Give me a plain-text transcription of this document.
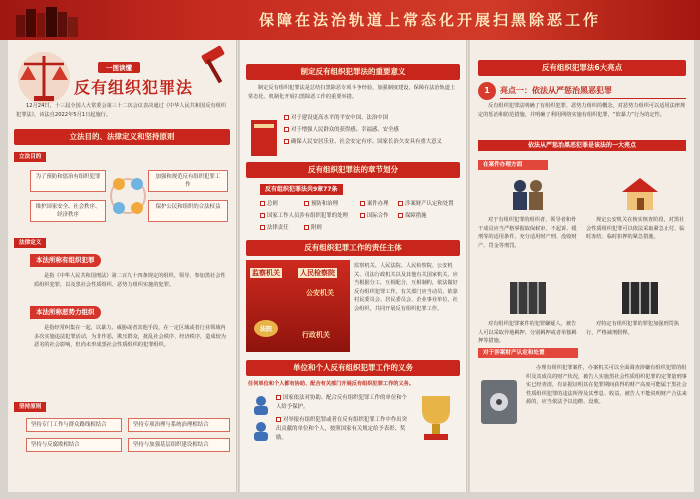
保障在法治轨道上常态化开展扫黑除恶工作
一图读懂
反有组织犯罪法
12月24日，十三届全国人大常委会第三十二次会议表决通过《中华人民共和国反有组织犯罪法》，该法自2022年5月1日起施行。
立法目的、法律定义和坚持原则
立法目的
为了预防和惩治有组织犯罪
维护国家安全、社会秩序、经济秩序
加强和规范反有组织犯罪工作
保护公民和组织的合法权益
法律定义
本法所称有组织犯罪
是指《中华人民共和国刑法》第二百九十四条规定的组织、领导、参加黑社会性质组织犯罪，以及黑社会性质组织、恶势力组织实施的犯罪。
本法所称恶势力组织
是指经常纠集在一起，以暴力、威胁或者其他手段，在一定区域或者行业领域内多次实施违法犯罪活动，为非作恶，欺压群众，扰乱社会秩序、经济秩序，造成较为恶劣的社会影响，但尚未形成黑社会性质组织的犯罪组织。
坚持原则
坚持专门工作与群众路线相结合	坚持专项治理与系统治理相结合
坚持与反腐败相结合	坚持与加强基层组织建设相结合
制定反有组织犯罪法的重要意义
制定反有组织犯罪法是总结扫黑除恶专项斗争经验，加强制度建设，保障在法治轨道上常态化、机制化开展扫黑除恶工作的重要举措。
对于建设更高水平的平安中国、法治中国
对于增强人民群众的获得感、幸福感、安全感
确保人民安居乐业、社会安定有序、国家长治久安具有重大意义
反有组织犯罪法的章节划分
反有组织犯罪法共9章77条
总则	预防和治理	案件办理	涉案财产认定和处置
国家工作人员涉有组织犯罪的处理	国际合作	保障措施
法律责任	附则
反有组织犯罪工作的责任主体
监察机关	人民检察院
公安机关
法院
行政机关
监察机关、人民法院、人民检察院、公安机关、司法行政机关以及其他有关国家机关，应当根据分工，互相配合，互相制约，依法做好反有组织犯罪工作。有关部门应当动员、依靠村民委员会、居民委员会、企业事业单位、社会组织，共同开展反有组织犯罪工作。
单位和个人反有组织犯罪工作的义务
任何单位和个人都有协助、配合有关部门开展反有组织犯罪工作的义务。
国家依法对协助、配合反有组织犯罪工作的单位和个人给予保护。
对举报有组织犯罪或者在反有组织犯罪工作中作出突出贡献的单位和个人，按照国家有关规定给予表彰、奖励。
反有组织犯罪法6大亮点
1	亮点一：依法从严惩治黑恶犯罪
反有组织犯罪法明确了有组织犯罪、恶势力组织的概念，对恶势力组织可以适用法律规定的惩治和防范措施，并明确了利用网络实施有组织犯罪，“软暴力”行为的定性。
依法从严惩治黑恶犯罪是该法的一大亮点
在案件办理方面
对于有组织犯罪的组织者、领导者和骨干成员应当严格掌握取保候审、不起诉、缓刑等的适用条件，充分适用财产刑、没收财产、罚金等刑罚。
规定公安机关在核实核查阶段，对黑社会性质组织犯罪可以依法采取紧急止付、临时冻结、临时扣押的紧急措施。
对有组织犯罪案件的犯罪嫌疑人、被告人可以采取异地羁押、分别羁押或者单独羁押等措施。
对特定有组织犯罪的罪犯加强刑罚执行，严格减刑假释。
对于涉案财产认定和处置
办理有组织犯罪案件，办案机关可以全面调查涉嫌有组织犯罪的组织及其成员的财产状况，被告人实施黑社会性质组织犯罪的定罪量刑事实已经查清，有证据证明其在犯罪期间获得的财产高度可能属于黑社会性质组织犯罪的违法所得及其孳息、收益，被告人不能说明财产合法来源的，应当依法予以追缴、没收。
